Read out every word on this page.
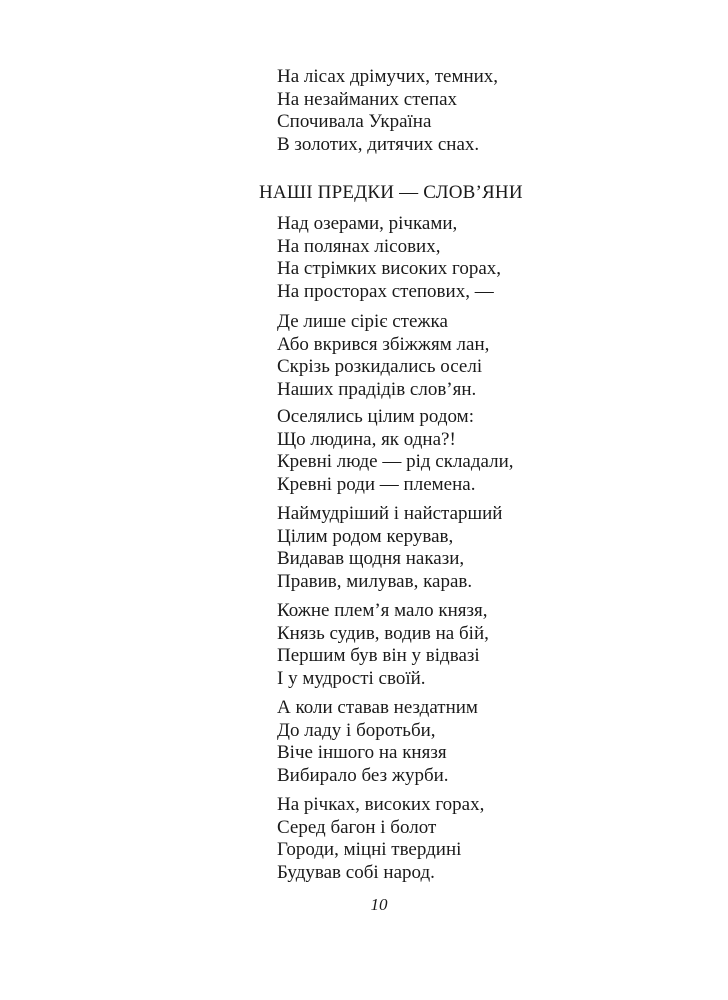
На лісах дрімучих, темних,
На незайманих степах
Спочивала Україна
В золотих, дитячих снах.
НАШІ ПРЕДКИ — СЛОВ’ЯНИ
Над озерами, річками,
На полянах лісових,
На стрімких високих горах,
На просторах степових, —
Де лише сіріє стежка
Або вкрився збіжжям лан,
Скрізь розкидались оселі
Наших прадідів слов’ян.
Оселялись цілим родом:
Що людина, як одна?!
Кревні люде — рід складали,
Кревні роди — племена.
Наймудріший і найстарший
Цілим родом керував,
Видавав щодня накази,
Правив, милував, карав.
Кожне плем’я мало князя,
Князь судив, водив на бій,
Першим був він у відвазі
І у мудрості своїй.
А коли ставав нездатним
До ладу і боротьби,
Віче іншого на князя
Вибирало без журби.
На річках, високих горах,
Серед багон і болот
Городи, міцні твердині
Будував собі народ.
10
